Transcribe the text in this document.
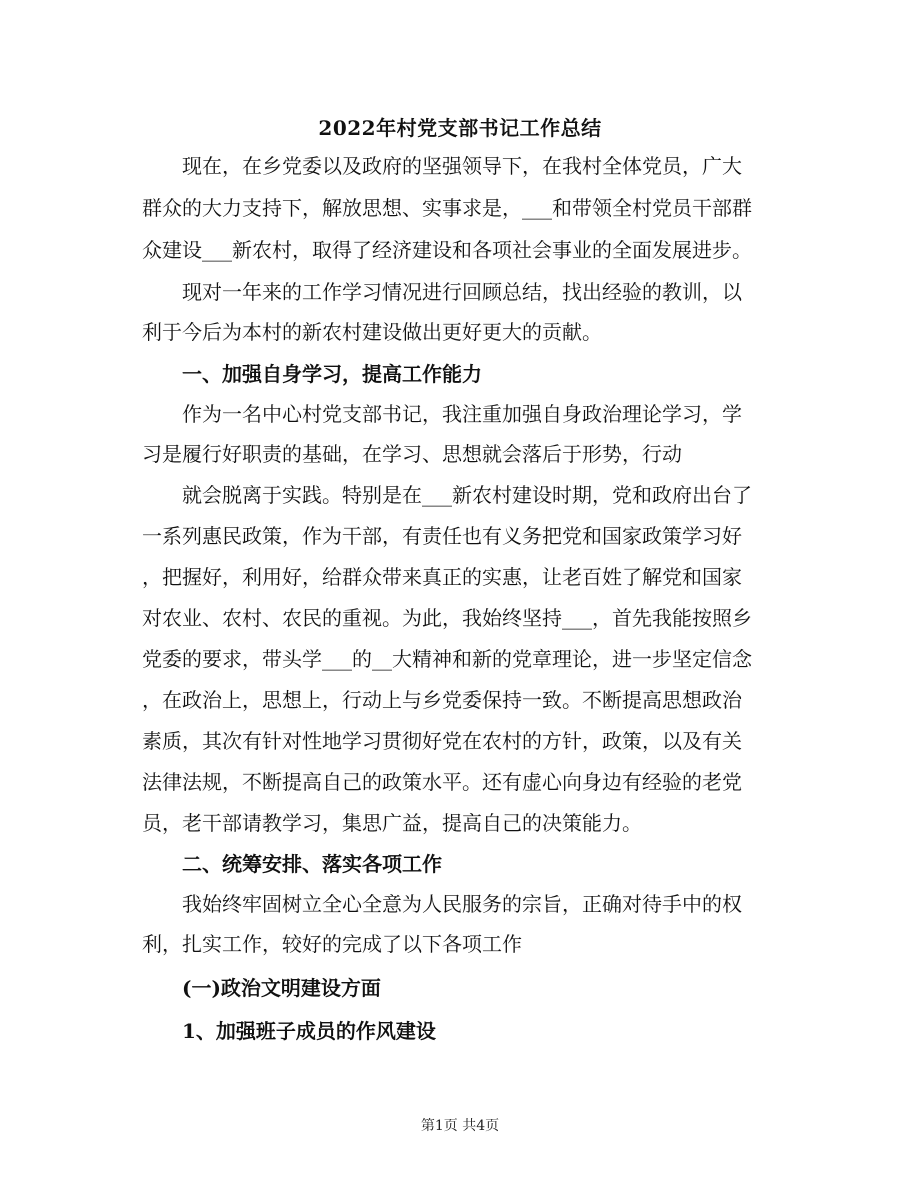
2022年村党支部书记工作总结
现在，在乡党委以及政府的坚强领导下，在我村全体党员，广大
群众的大力支持下，解放思想、实事求是，___和带领全村党员干部群
众建设___新农村，取得了经济建设和各项社会事业的全面发展进步。
现对一年来的工作学习情况进行回顾总结，找出经验的教训，以
利于今后为本村的新农村建设做出更好更大的贡献。
一、加强自身学习，提高工作能力
作为一名中心村党支部书记，我注重加强自身政治理论学习，学
习是履行好职责的基础，在学习、思想就会落后于形势，行动
就会脱离于实践。特别是在___新农村建设时期，党和政府出台了
一系列惠民政策，作为干部，有责任也有义务把党和国家政策学习好
，把握好，利用好，给群众带来真正的实惠，让老百姓了解党和国家
对农业、农村、农民的重视。为此，我始终坚持___，首先我能按照乡
党委的要求，带头学___的__大精神和新的党章理论，进一步坚定信念
，在政治上，思想上，行动上与乡党委保持一致。不断提高思想政治
素质，其次有针对性地学习贯彻好党在农村的方针，政策，以及有关
法律法规，不断提高自己的政策水平。还有虚心向身边有经验的老党
员，老干部请教学习，集思广益，提高自己的决策能力。
二、统筹安排、落实各项工作
我始终牢固树立全心全意为人民服务的宗旨，正确对待手中的权
利，扎实工作，较好的完成了以下各项工作
(一)政治文明建设方面
1、加强班子成员的作风建设
第1页 共4页
